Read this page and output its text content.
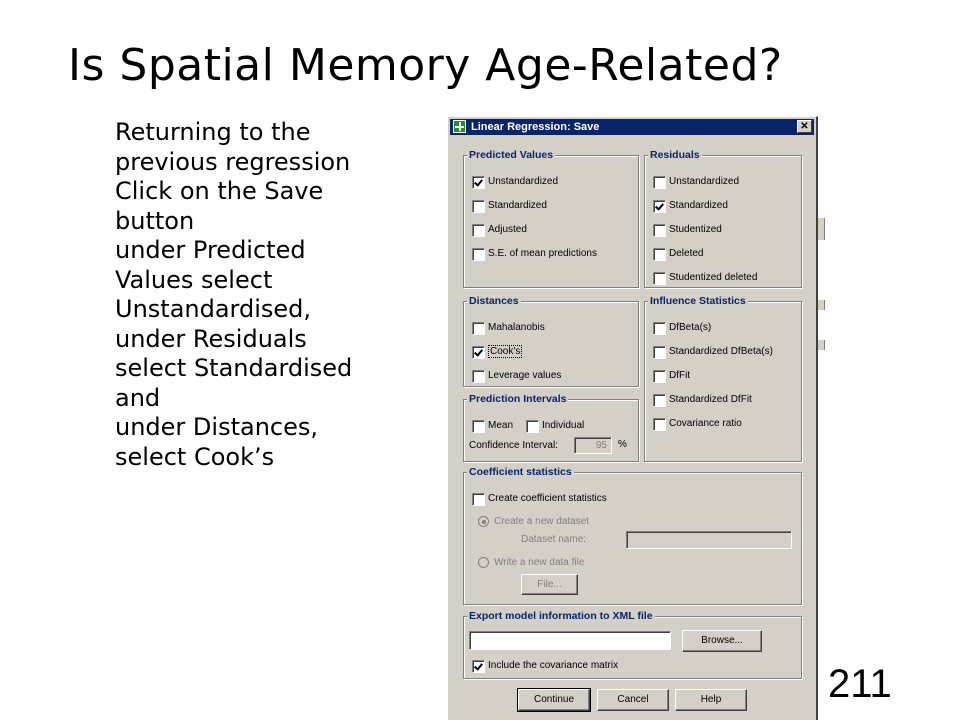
Is Spatial Memory Age-Related?
Returning to the
previous regression
Click on the Save
button
under Predicted
Values select
Unstandardised,
under Residuals
select Standardised
and
under Distances,
select Cook’s
Linear Regression: Save	✕
Predicted Values
Unstandardized
Standardized
Adjusted
S.E. of mean predictions
Residuals
Unstandardized
Standardized
Studentized
Deleted
Studentized deleted
Distances
Mahalanobis
Cook's
Leverage values
Influence Statistics
DfBeta(s)
Standardized DfBeta(s)
DfFit
Standardized DfFit
Covariance ratio
Prediction Intervals
Mean	Individual
Confidence Interval:	95 %
Coefficient statistics
Create coefficient statistics
Create a new dataset
Dataset name:
Write a new data file
File...
Export model information to XML file
Browse...
Include the covariance matrix
Continue	Cancel	Help	211
